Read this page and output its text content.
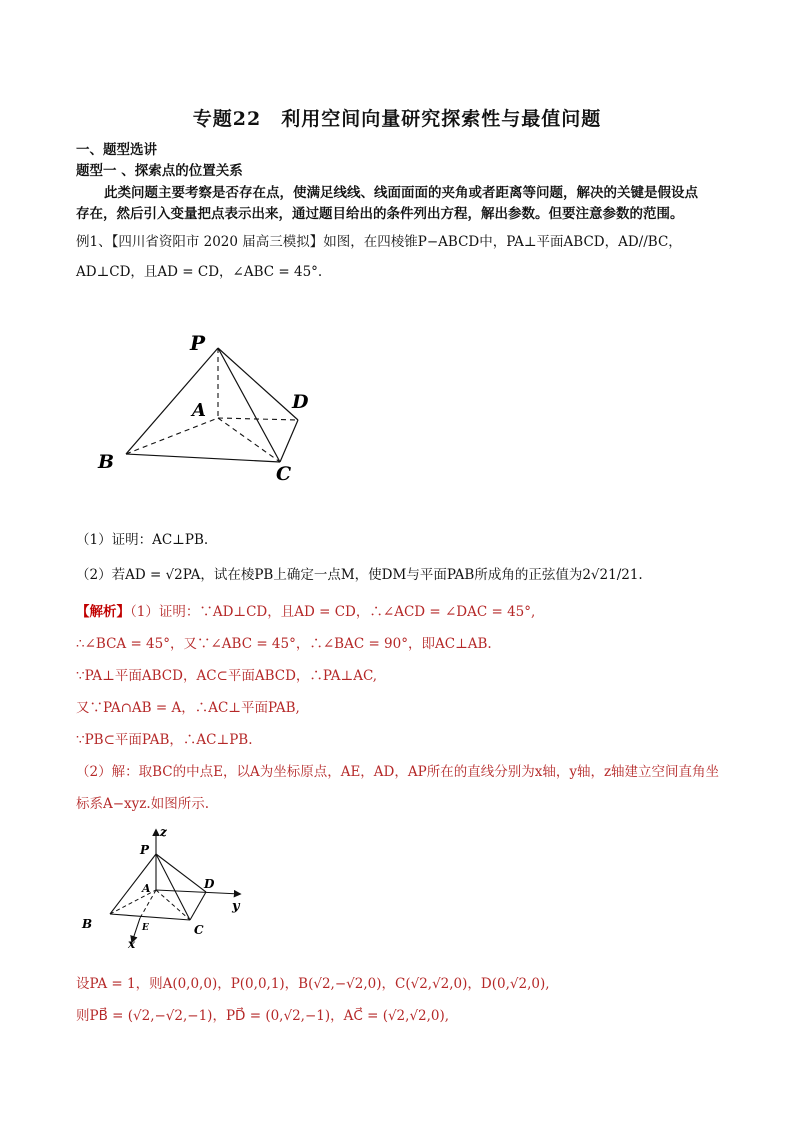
专题22　利用空间向量研究探索性与最值问题
一、题型选讲
题型一 、探索点的位置关系
此类问题主要考察是否存在点，使满足线线、线面面面的夹角或者距离等问题，解决的关键是假设点
存在，然后引入变量把点表示出来，通过题目给出的条件列出方程，解出参数。但要注意参数的范围。
例1、【四川省资阳市 2020 届高三模拟】如图，在四棱锥P−ABCD中，PA⊥平面ABCD，AD//BC，
AD⊥CD，且AD = CD，∠ABC = 45°.
P
A
B
C
D
（1）证明：AC⊥PB.
（2）若AD = √2PA，试在棱PB上确定一点M，使DM与平面PAB所成角的正弦值为2√21/21.
【解析】（1）证明：∵AD⊥CD，且AD = CD，∴∠ACD = ∠DAC = 45°,
∴∠BCA = 45°，又∵∠ABC = 45°，∴∠BAC = 90°，即AC⊥AB.
∵PA⊥平面ABCD，AC⊂平面ABCD，∴PA⊥AC,
又∵PA∩AB = A，∴AC⊥平面PAB,
∵PB⊂平面PAB，∴AC⊥PB.
（2）解：取BC的中点E，以A为坐标原点，AE，AD，AP所在的直线分别为x轴，y轴，z轴建立空间直角坐
标系A−xyz.如图所示.
z
y
x
P
A
B	C
D
E
设PA = 1，则A(0,0,0)，P(0,0,1)，B(√2,−√2,0)，C(√2,√2,0)，D(0,√2,0),
则PB⃗ = (√2,−√2,−1)，PD⃗ = (0,√2,−1)，AC⃗ = (√2,√2,0),
